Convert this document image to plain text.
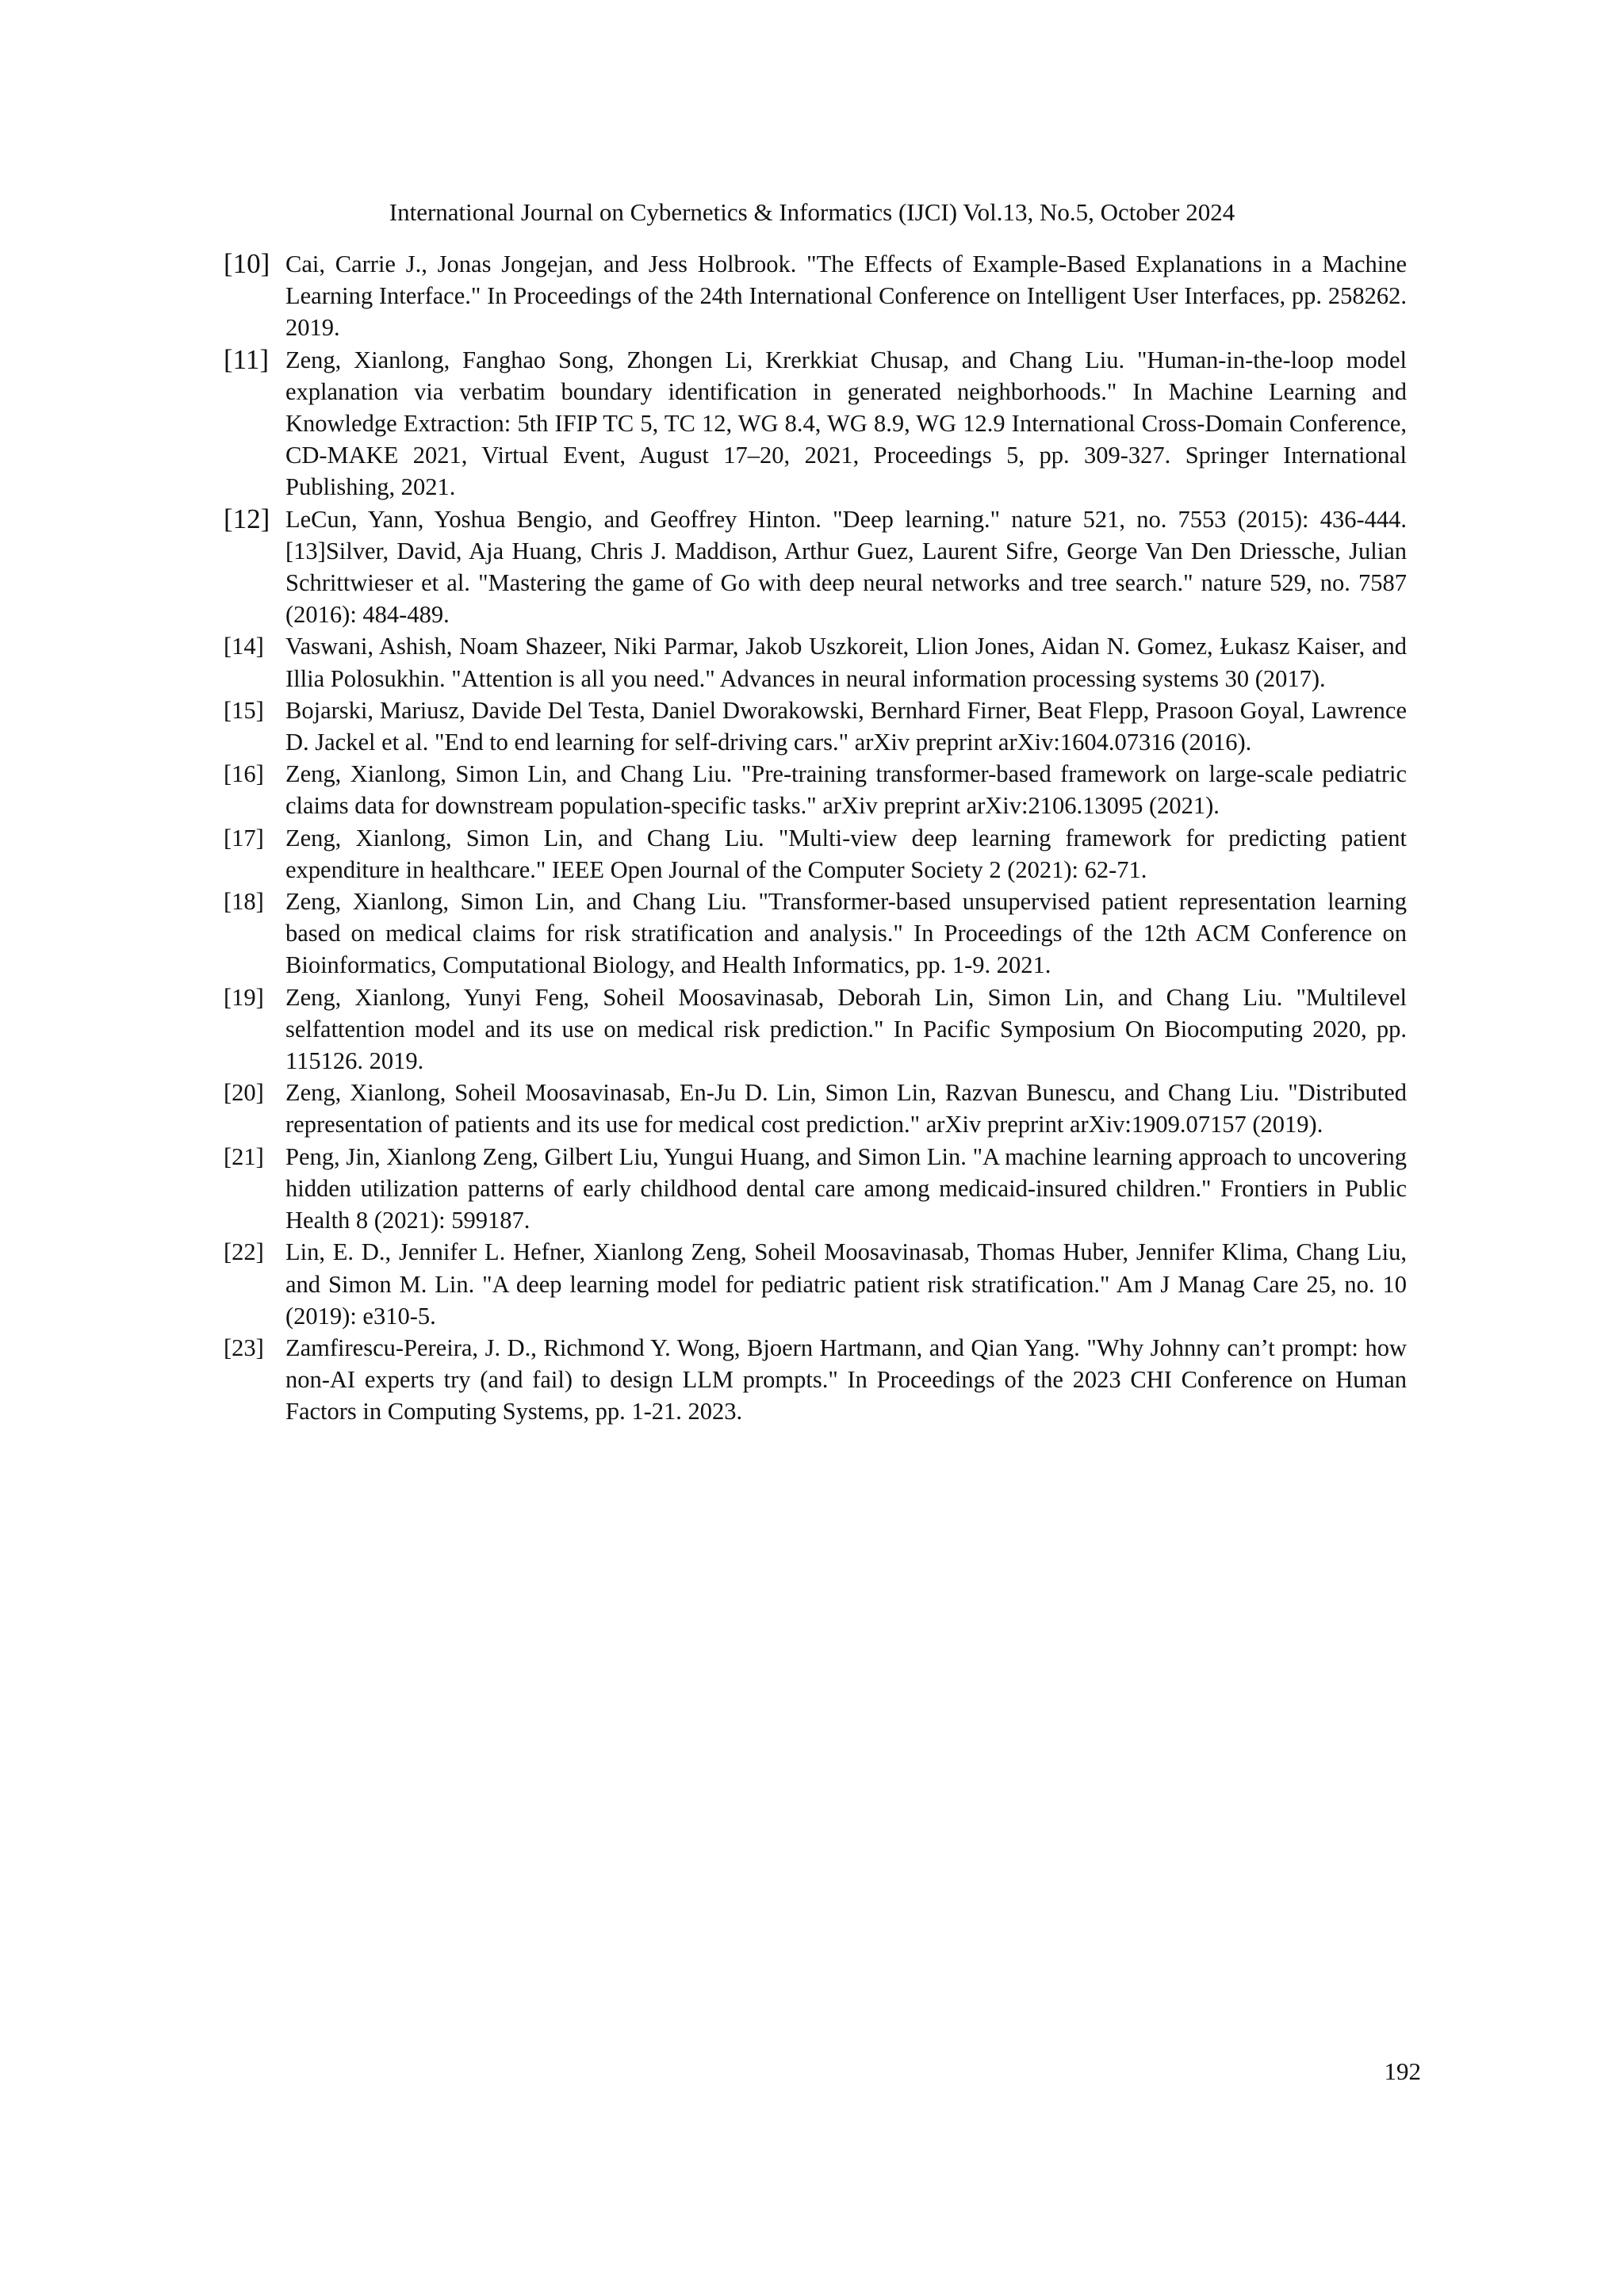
International Journal on Cybernetics & Informatics (IJCI) Vol.13, No.5, October 2024
[10] Cai, Carrie J., Jonas Jongejan, and Jess Holbrook. "The Effects of Example-Based Explanations in a Machine Learning Interface." In Proceedings of the 24th International Conference on Intelligent User Interfaces, pp. 258262. 2019.
[11] Zeng, Xianlong, Fanghao Song, Zhongen Li, Krerkkiat Chusap, and Chang Liu. "Human-in-the-loop model explanation via verbatim boundary identification in generated neighborhoods." In Machine Learning and Knowledge Extraction: 5th IFIP TC 5, TC 12, WG 8.4, WG 8.9, WG 12.9 International Cross-Domain Conference, CD-MAKE 2021, Virtual Event, August 17–20, 2021, Proceedings 5, pp. 309-327. Springer International Publishing, 2021.
[12] LeCun, Yann, Yoshua Bengio, and Geoffrey Hinton. "Deep learning." nature 521, no. 7553 (2015): 436-444. [13]Silver, David, Aja Huang, Chris J. Maddison, Arthur Guez, Laurent Sifre, George Van Den Driessche, Julian Schrittwieser et al. "Mastering the game of Go with deep neural networks and tree search." nature 529, no. 7587 (2016): 484-489.
[14] Vaswani, Ashish, Noam Shazeer, Niki Parmar, Jakob Uszkoreit, Llion Jones, Aidan N. Gomez, Łukasz Kaiser, and Illia Polosukhin. "Attention is all you need." Advances in neural information processing systems 30 (2017).
[15] Bojarski, Mariusz, Davide Del Testa, Daniel Dworakowski, Bernhard Firner, Beat Flepp, Prasoon Goyal, Lawrence D. Jackel et al. "End to end learning for self-driving cars." arXiv preprint arXiv:1604.07316 (2016).
[16] Zeng, Xianlong, Simon Lin, and Chang Liu. "Pre-training transformer-based framework on large-scale pediatric claims data for downstream population-specific tasks." arXiv preprint arXiv:2106.13095 (2021).
[17] Zeng, Xianlong, Simon Lin, and Chang Liu. "Multi-view deep learning framework for predicting patient expenditure in healthcare." IEEE Open Journal of the Computer Society 2 (2021): 62-71.
[18] Zeng, Xianlong, Simon Lin, and Chang Liu. "Transformer-based unsupervised patient representation learning based on medical claims for risk stratification and analysis." In Proceedings of the 12th ACM Conference on Bioinformatics, Computational Biology, and Health Informatics, pp. 1-9. 2021.
[19] Zeng, Xianlong, Yunyi Feng, Soheil Moosavinasab, Deborah Lin, Simon Lin, and Chang Liu. "Multilevel selfattention model and its use on medical risk prediction." In Pacific Symposium On Biocomputing 2020, pp. 115126. 2019.
[20] Zeng, Xianlong, Soheil Moosavinasab, En-Ju D. Lin, Simon Lin, Razvan Bunescu, and Chang Liu. "Distributed representation of patients and its use for medical cost prediction." arXiv preprint arXiv:1909.07157 (2019).
[21] Peng, Jin, Xianlong Zeng, Gilbert Liu, Yungui Huang, and Simon Lin. "A machine learning approach to uncovering hidden utilization patterns of early childhood dental care among medicaid-insured children." Frontiers in Public Health 8 (2021): 599187.
[22] Lin, E. D., Jennifer L. Hefner, Xianlong Zeng, Soheil Moosavinasab, Thomas Huber, Jennifer Klima, Chang Liu, and Simon M. Lin. "A deep learning model for pediatric patient risk stratification." Am J Manag Care 25, no. 10 (2019): e310-5.
[23] Zamfirescu-Pereira, J. D., Richmond Y. Wong, Bjoern Hartmann, and Qian Yang. "Why Johnny can’t prompt: how non-AI experts try (and fail) to design LLM prompts." In Proceedings of the 2023 CHI Conference on Human Factors in Computing Systems, pp. 1-21. 2023.
192
